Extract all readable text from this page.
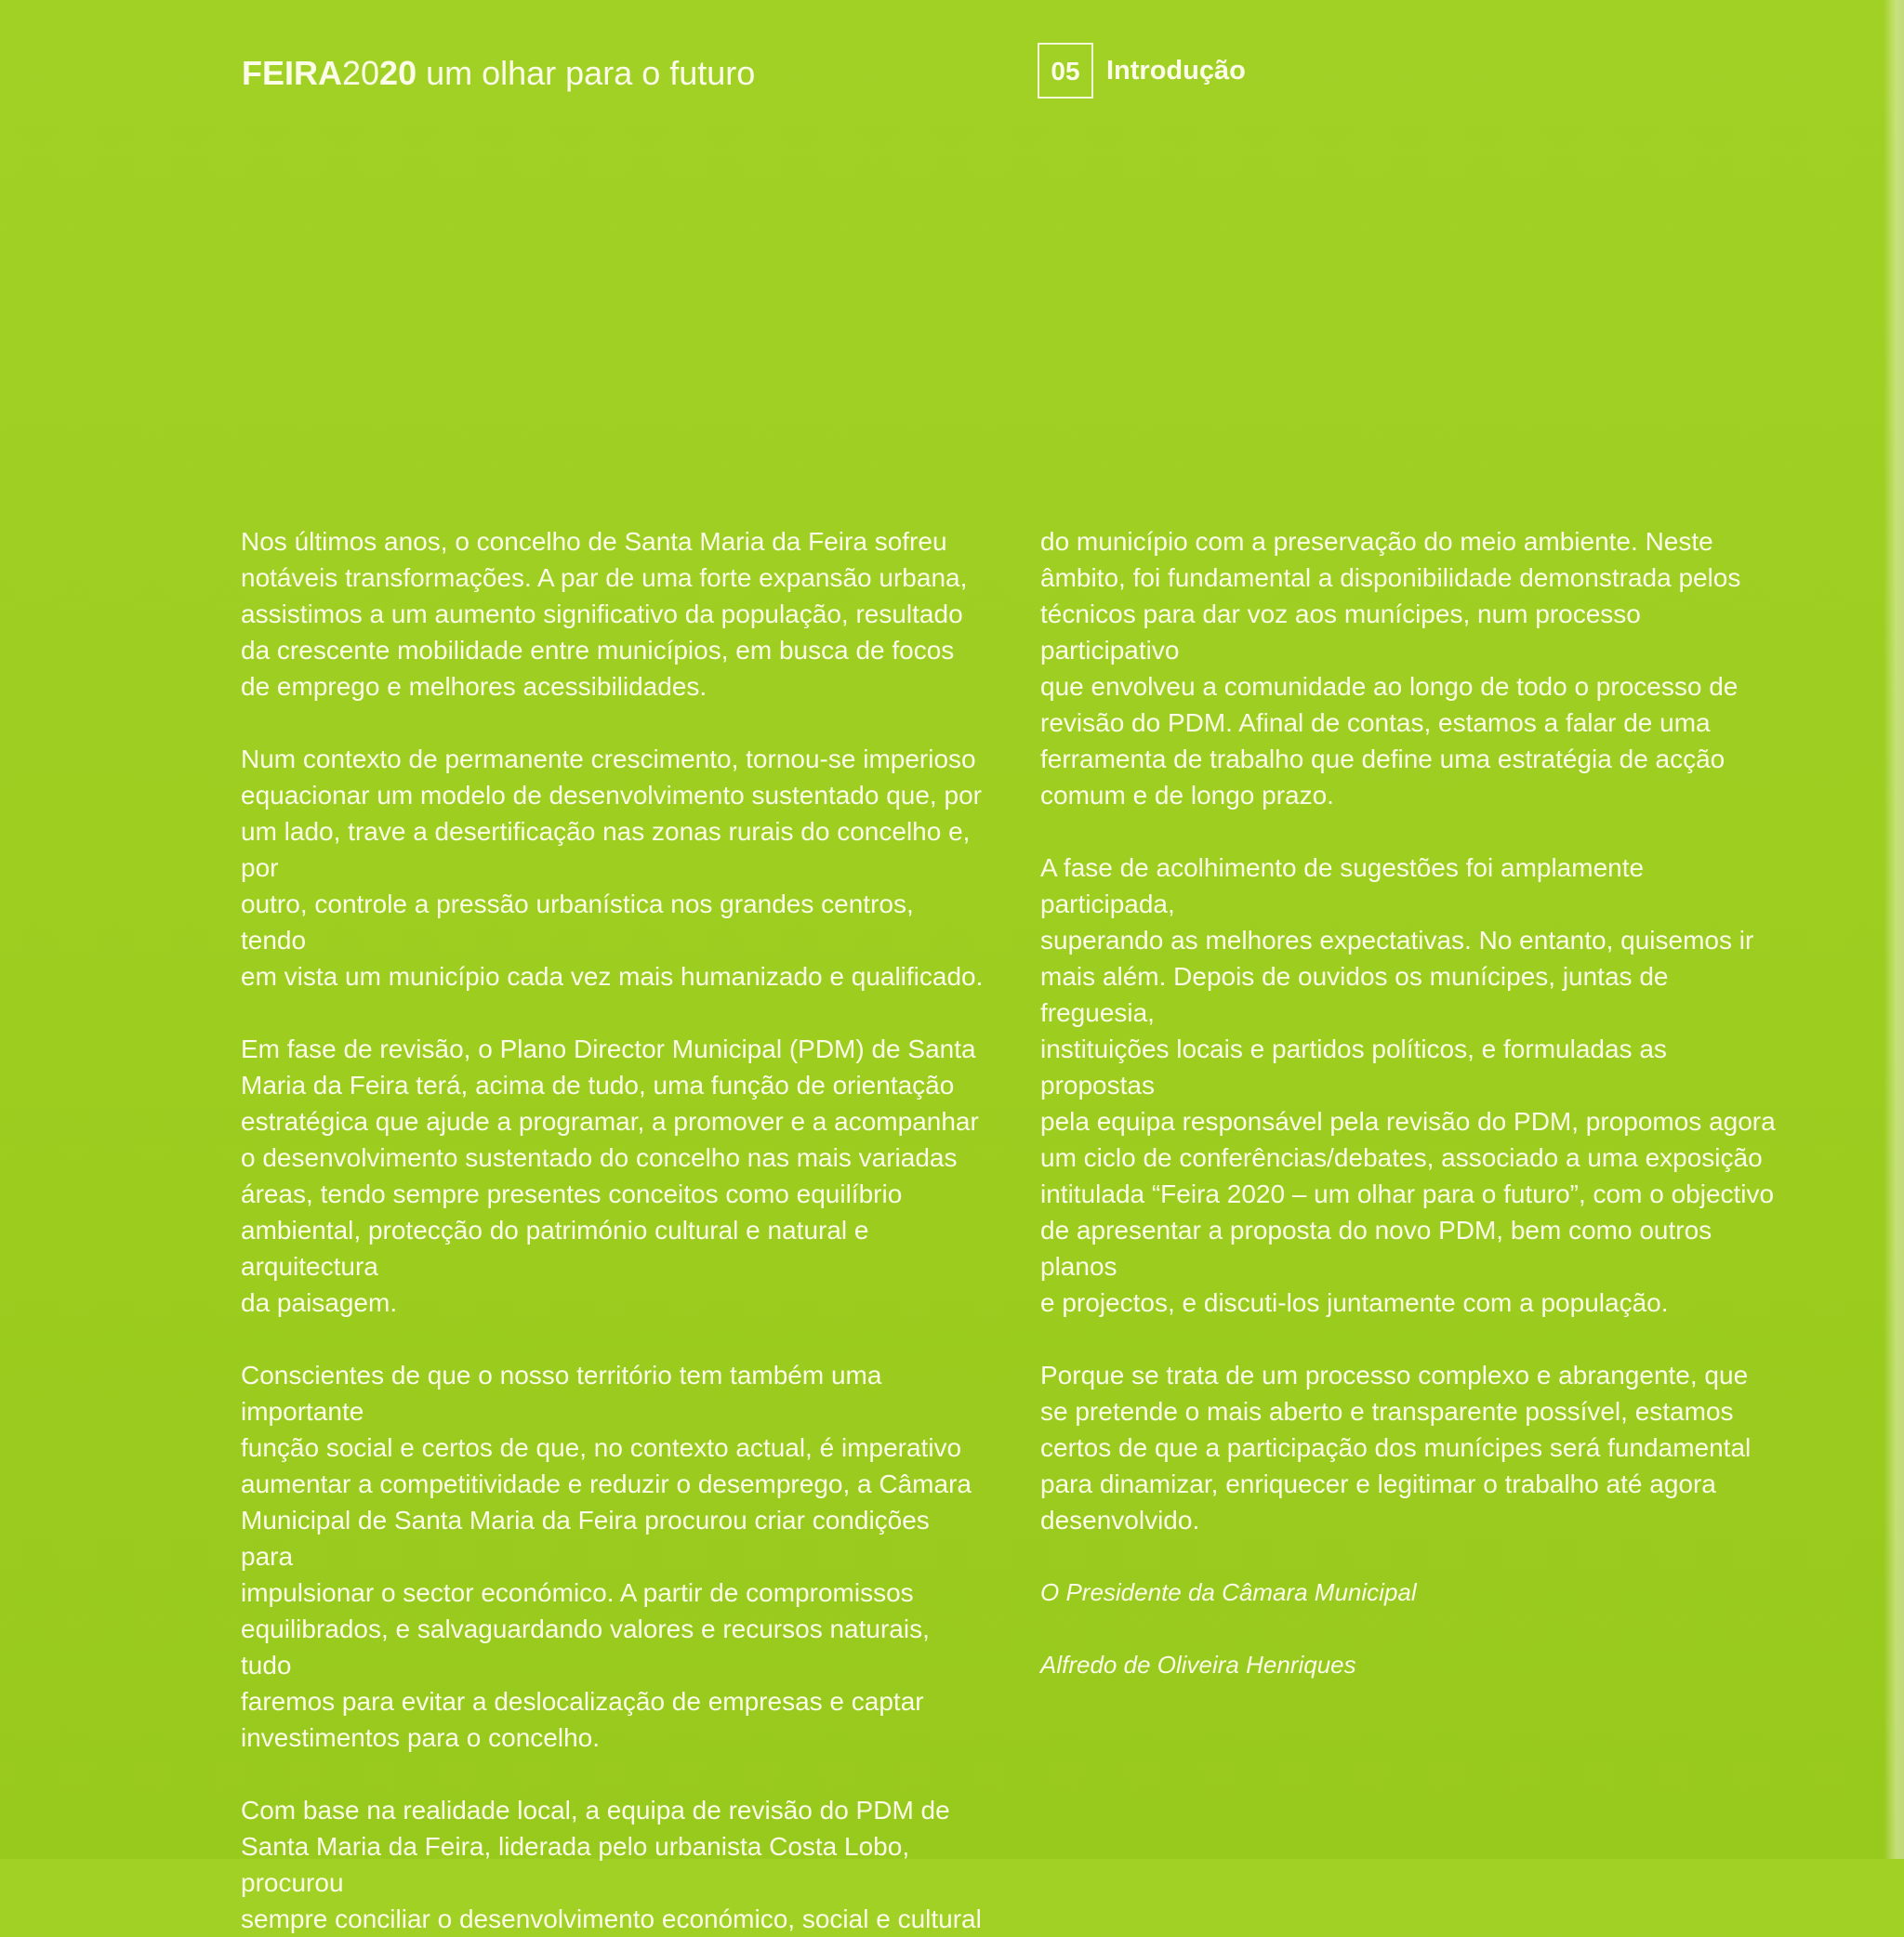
FEIRA2020 um olhar para o futuro	05 Introdução

Nos últimos anos, o concelho de Santa Maria da Feira sofreu
notáveis transformações. A par de uma forte expansão urbana,
assistimos a um aumento significativo da população, resultado
da crescente mobilidade entre municípios, em busca de focos
de emprego e melhores acessibilidades.

Num contexto de permanente crescimento, tornou-se imperioso
equacionar um modelo de desenvolvimento sustentado que, por
um lado, trave a desertificação nas zonas rurais do concelho e, por
outro, controle a pressão urbanística nos grandes centros, tendo
em vista um município cada vez mais humanizado e qualificado.

Em fase de revisão, o Plano Director Municipal (PDM) de Santa
Maria da Feira terá, acima de tudo, uma função de orientação
estratégica que ajude a programar, a promover e a acompanhar
o desenvolvimento sustentado do concelho nas mais variadas
áreas, tendo sempre presentes conceitos como equilíbrio
ambiental, protecção do património cultural e natural e arquitectura
da paisagem.

Conscientes de que o nosso território tem também uma importante
função social e certos de que, no contexto actual, é imperativo
aumentar a competitividade e reduzir o desemprego, a Câmara
Municipal de Santa Maria da Feira procurou criar condições para
impulsionar o sector económico. A partir de compromissos
equilibrados, e salvaguardando valores e recursos naturais, tudo
faremos para evitar a deslocalização de empresas e captar
investimentos para o concelho.

Com base na realidade local, a equipa de revisão do PDM de
Santa Maria da Feira, liderada pelo urbanista Costa Lobo, procurou
sempre conciliar o desenvolvimento económico, social e cultural

do município com a preservação do meio ambiente. Neste
âmbito, foi fundamental a disponibilidade demonstrada pelos
técnicos para dar voz aos munícipes, num processo participativo
que envolveu a comunidade ao longo de todo o processo de
revisão do PDM. Afinal de contas, estamos a falar de uma
ferramenta de trabalho que define uma estratégia de acção
comum e de longo prazo.

A fase de acolhimento de sugestões foi amplamente participada,
superando as melhores expectativas. No entanto, quisemos ir
mais além. Depois de ouvidos os munícipes, juntas de freguesia,
instituições locais e partidos políticos, e formuladas as propostas
pela equipa responsável pela revisão do PDM, propomos agora
um ciclo de conferências/debates, associado a uma exposição
intitulada “Feira 2020 – um olhar para o futuro”, com o objectivo
de apresentar a proposta do novo PDM, bem como outros planos
e projectos, e discuti-los juntamente com a população.

Porque se trata de um processo complexo e abrangente, que
se pretende o mais aberto e transparente possível, estamos
certos de que a participação dos munícipes será fundamental
para dinamizar, enriquecer e legitimar o trabalho até agora
desenvolvido.

O Presidente da Câmara Municipal

Alfredo de Oliveira Henriques
